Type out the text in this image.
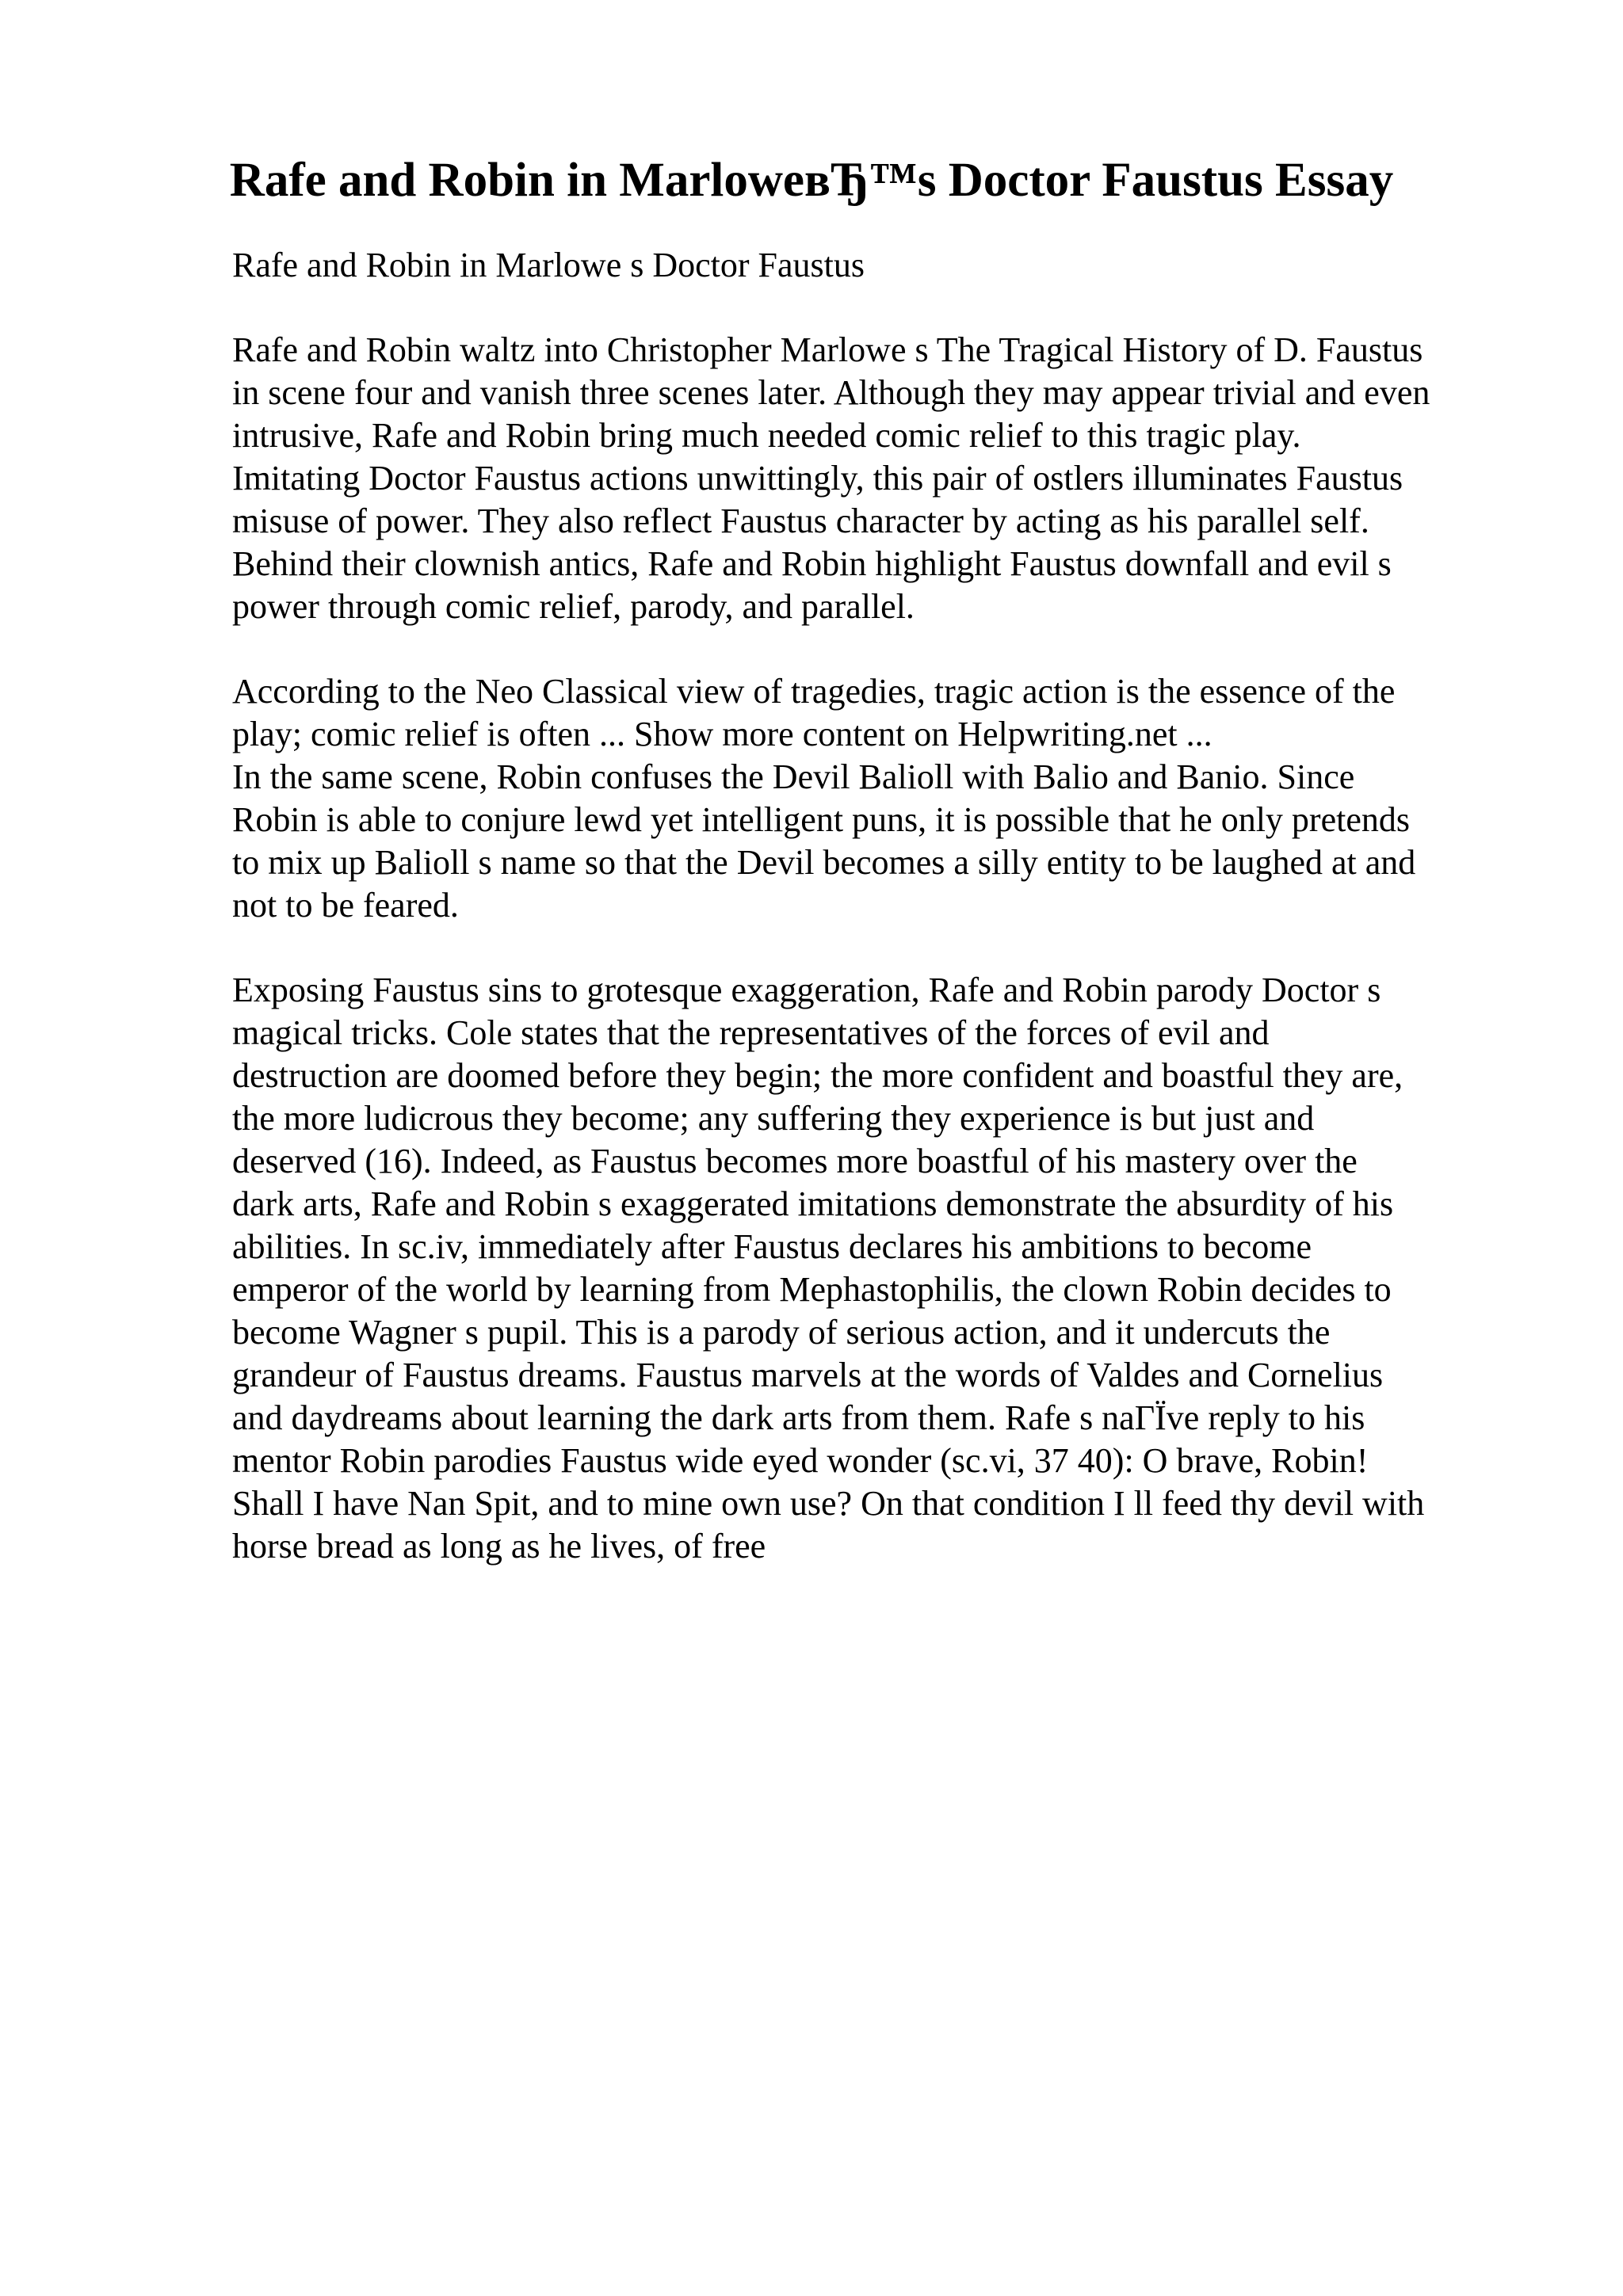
Rafe and Robin in MarloweвЂ™s Doctor Faustus Essay
Rafe and Robin in Marlowe s Doctor Faustus
Rafe and Robin waltz into Christopher Marlowe s The Tragical History of D. Faustus
in scene four and vanish three scenes later. Although they may appear trivial and even
intrusive, Rafe and Robin bring much needed comic relief to this tragic play.
Imitating Doctor Faustus actions unwittingly, this pair of ostlers illuminates Faustus
misuse of power. They also reflect Faustus character by acting as his parallel self.
Behind their clownish antics, Rafe and Robin highlight Faustus downfall and evil s
power through comic relief, parody, and parallel.
According to the Neo Classical view of tragedies, tragic action is the essence of the
play; comic relief is often ... Show more content on Helpwriting.net ...
In the same scene, Robin confuses the Devil Balioll with Balio and Banio. Since
Robin is able to conjure lewd yet intelligent puns, it is possible that he only pretends
to mix up Balioll s name so that the Devil becomes a silly entity to be laughed at and
not to be feared.
Exposing Faustus sins to grotesque exaggeration, Rafe and Robin parody Doctor s
magical tricks. Cole states that the representatives of the forces of evil and
destruction are doomed before they begin; the more confident and boastful they are,
the more ludicrous they become; any suffering they experience is but just and
deserved (16). Indeed, as Faustus becomes more boastful of his mastery over the
dark arts, Rafe and Robin s exaggerated imitations demonstrate the absurdity of his
abilities. In sc.iv, immediately after Faustus declares his ambitions to become
emperor of the world by learning from Mephastophilis, the clown Robin decides to
become Wagner s pupil. This is a parody of serious action, and it undercuts the
grandeur of Faustus dreams. Faustus marvels at the words of Valdes and Cornelius
and daydreams about learning the dark arts from them. Rafe s naГЇve reply to his
mentor Robin parodies Faustus wide eyed wonder (sc.vi, 37 40): O brave, Robin!
Shall I have Nan Spit, and to mine own use? On that condition I ll feed thy devil with
horse bread as long as he lives, of free
